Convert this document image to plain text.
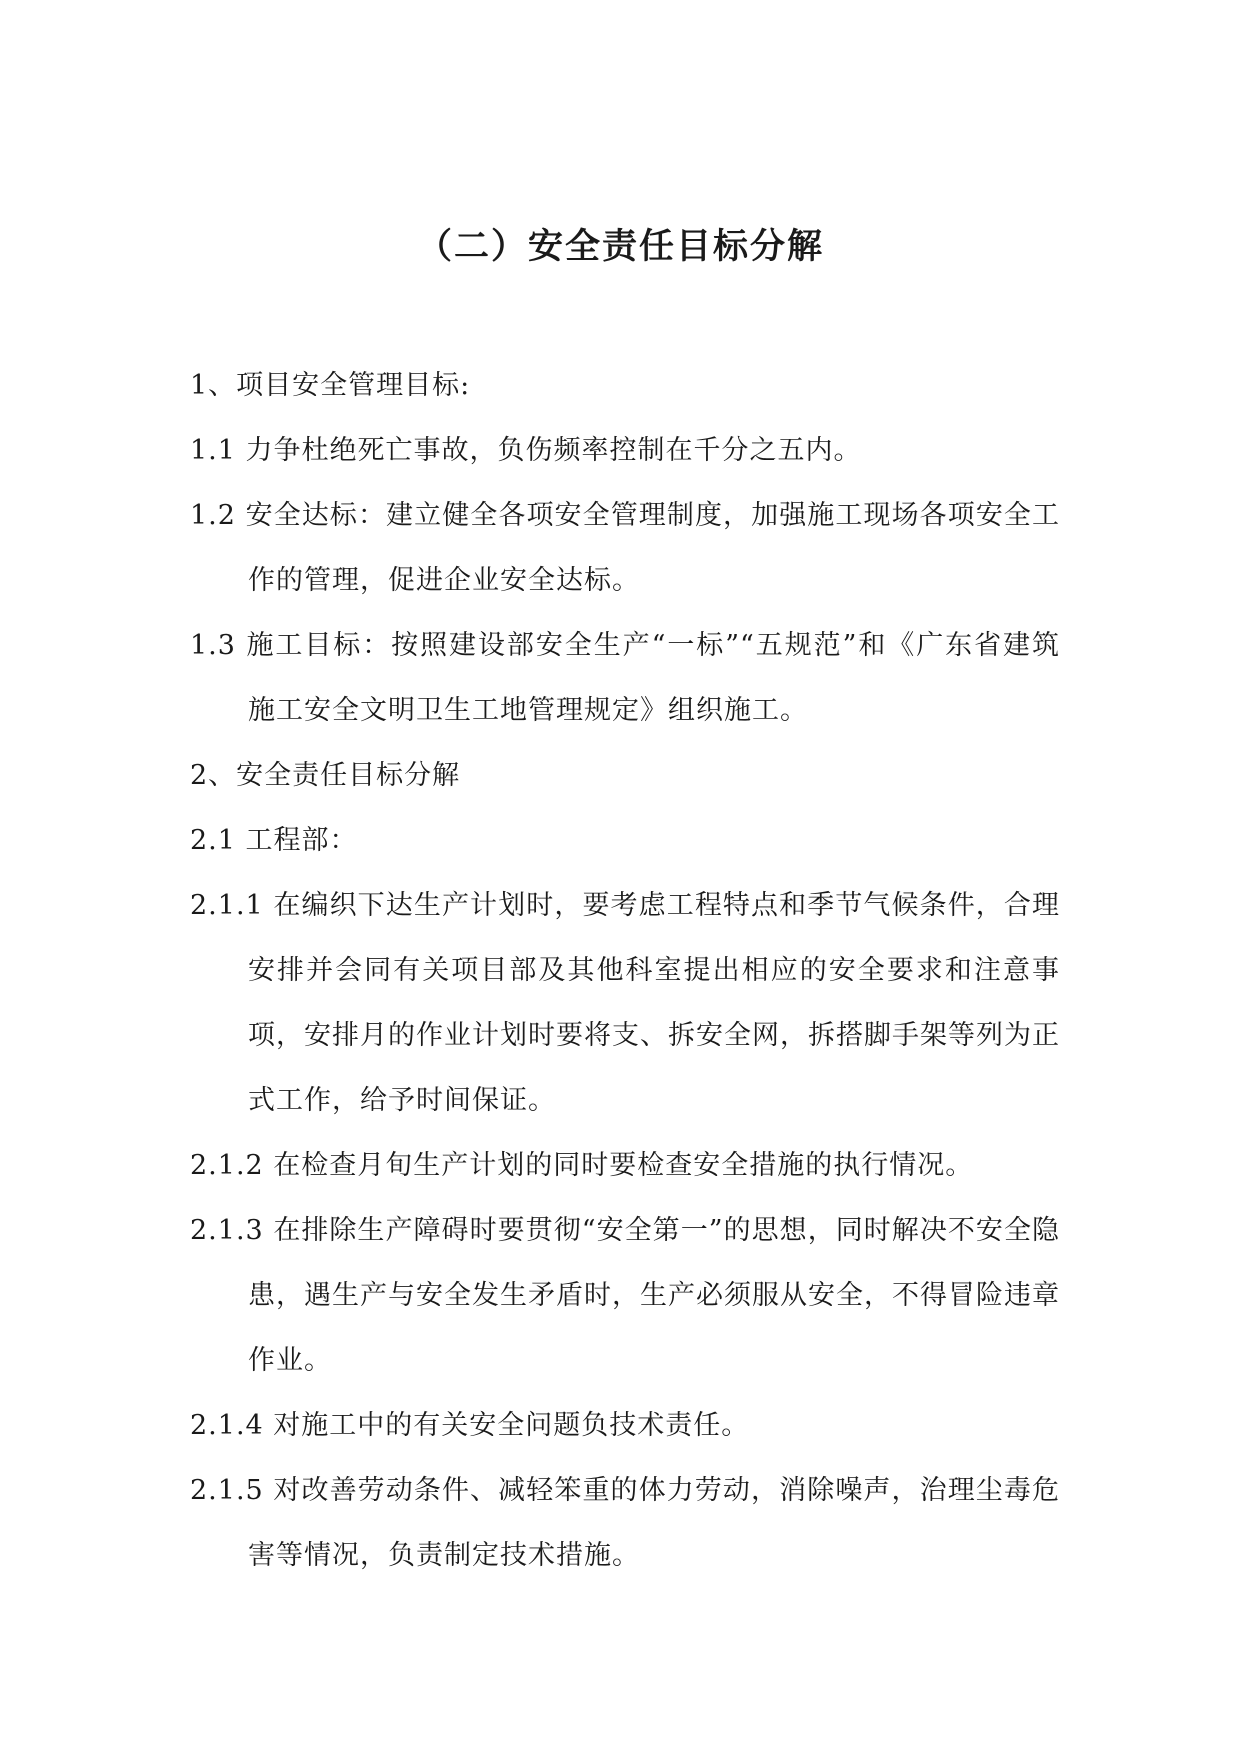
（二）安全责任目标分解

1、项目安全管理目标:

1.1 力争杜绝死亡事故，负伤频率控制在千分之五内。

1.2 安全达标：建立健全各项安全管理制度，加强施工现场各项安全工作的管理，促进企业安全达标。

1.3 施工目标：按照建设部安全生产“一标”“五规范”和《广东省建筑施工安全文明卫生工地管理规定》组织施工。

2、安全责任目标分解

2.1 工程部：

2.1.1 在编织下达生产计划时，要考虑工程特点和季节气候条件，合理安排并会同有关项目部及其他科室提出相应的安全要求和注意事项，安排月的作业计划时要将支、拆安全网，拆搭脚手架等列为正式工作，给予时间保证。

2.1.2 在检查月旬生产计划的同时要检查安全措施的执行情况。

2.1.3 在排除生产障碍时要贯彻“安全第一”的思想，同时解决不安全隐患，遇生产与安全发生矛盾时，生产必须服从安全，不得冒险违章作业。

2.1.4 对施工中的有关安全问题负技术责任。

2.1.5 对改善劳动条件、减轻笨重的体力劳动，消除噪声，治理尘毒危害等情况，负责制定技术措施。
